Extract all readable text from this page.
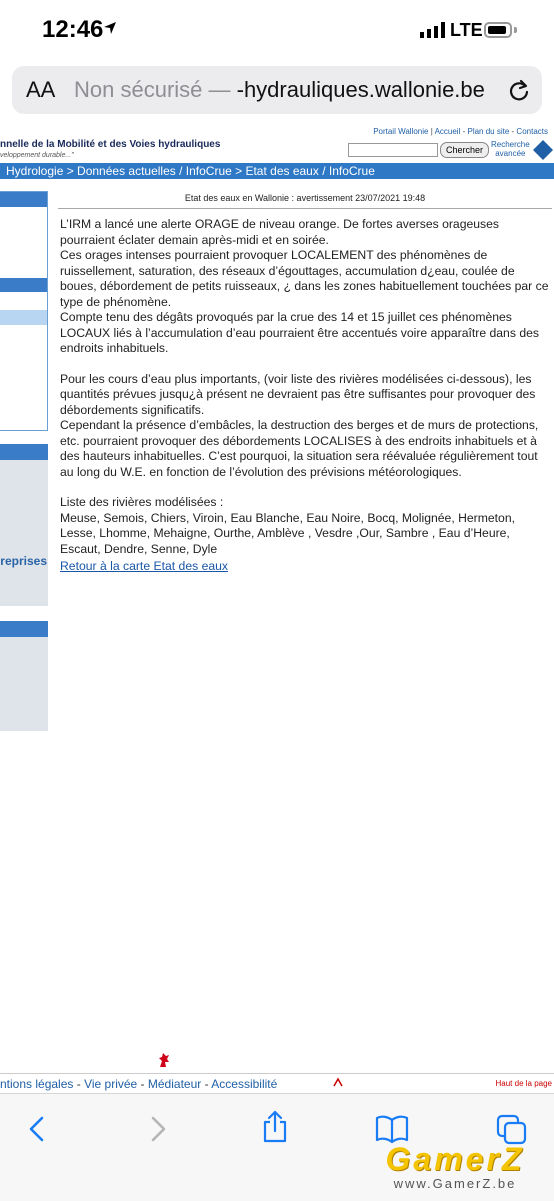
12:46	LTE
AA Non sécurisé — -hydrauliques.wallonie.be
Portail Wallonie | Accueil - Plan du site - Contacts
nnelle de la Mobilité et des Voies hydrauliques
veloppement durable..."
Chercher
Recherche
avancée
Hydrologie > Données actuelles / InfoCrue > Etat des eaux / InfoCrue
reprises
Etat des eaux en Wallonie : avertissement 23/07/2021 19:48

L’IRM a lancé une alerte ORAGE de niveau orange. De fortes averses orageuses pourraient éclater demain après-midi et en soirée.

Ces orages intenses pourraient provoquer LOCALEMENT des phénomènes de ruissellement, saturation, des réseaux d’égouttages, accumulation d¿eau, coulée de boues, débordement de petits ruisseaux, ¿ dans les zones habituellement touchées par ce type de phénomène.

Compte tenu des dégâts provoqués par la crue des 14 et 15 juillet ces phénomènes LOCAUX liés à l’accumulation d’eau pourraient être accentués voire apparaître dans des endroits inhabituels.

Pour les cours d’eau plus importants, (voir liste des rivières modélisées ci-dessous), les quantités prévues jusqu¿à présent ne devraient pas être suffisantes pour provoquer des débordements significatifs.

Cependant la présence d’embâcles, la destruction des berges et de murs de protections, etc. pourraient provoquer des débordements LOCALISES à des endroits inhabituels et à des hauteurs inhabituelles. C’est pourquoi, la situation sera réévaluée régulièrement tout au long du W.E. en fonction de l’évolution des prévisions météorologiques.

Liste des rivières modélisées :

Meuse, Semois, Chiers, Viroin, Eau Blanche, Eau Noire, Bocq, Molignée, Hermeton, Lesse, Lhomme, Mehaigne, Ourthe, Amblève , Vesdre ,Our, Sambre , Eau d’Heure, Escaut, Dendre, Senne, Dyle

Retour à la carte Etat des eaux
ntions légales - Vie privée - Médiateur - Accessibilité	Haut de la page
GamerZ
www.GamerZ.be
